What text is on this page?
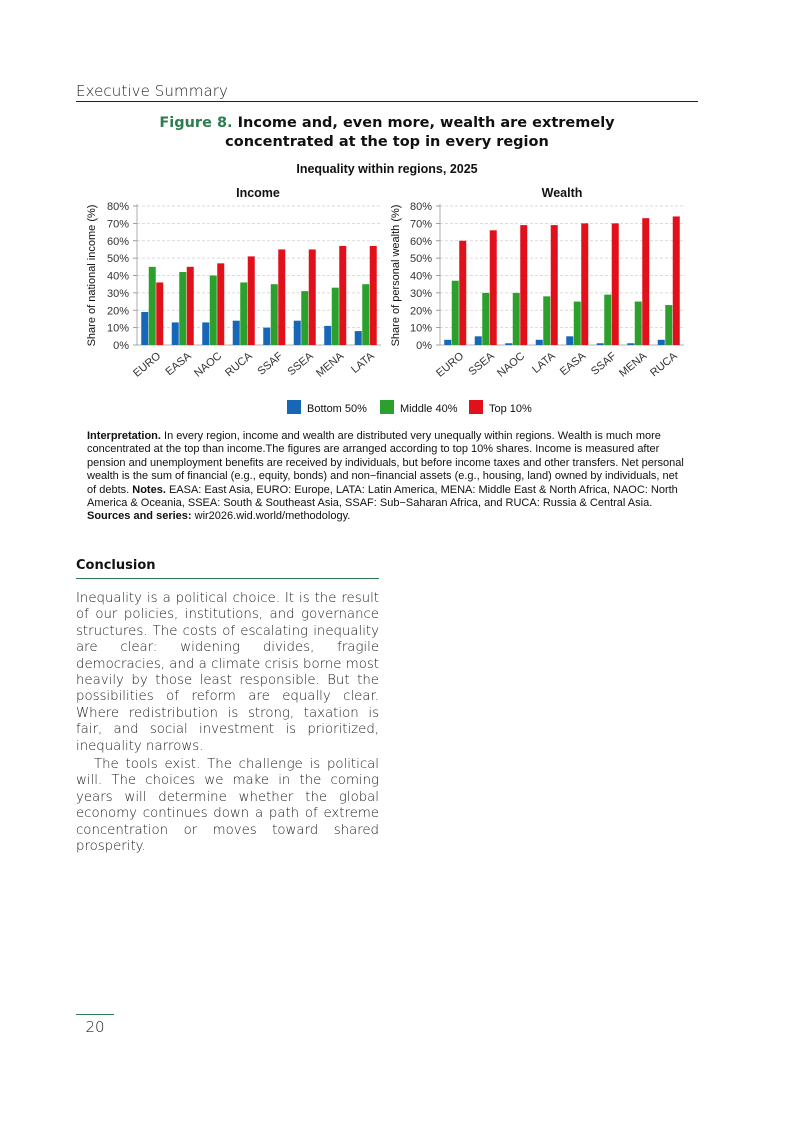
Executive Summary
Figure 8. Income and, even more, wealth are extremely
concentrated at the top in every region
Inequality within regions, 2025
Income
0%
10%
20%
30%
40%
50%
60%
70%
80%
Share of national income (%)
EURO EASA
NAOC
RUCA SSAF SSEA
MENA LATA
Wealth
0%
10%
20%
30%
40%
50%
60%
70%
80%
Share of personal wealth (%)
EURO SSEA
NAOC LATA EASA SSAF
MENA
RUCA
Bottom 50%	Middle 40%	Top 10%
Interpretation. In every region, income and wealth are distributed very unequally within regions. Wealth is much more concentrated at the top than income.The figures are arranged according to top 10% shares. Income is measured after pension and unemployment benefits are received by individuals, but before income taxes and other transfers. Net personal wealth is the sum of financial (e.g., equity, bonds) and non−financial assets (e.g., housing, land) owned by individuals, net of debts. Notes. EASA: East Asia, EURO: Europe, LATA: Latin America, MENA: Middle East & North Africa, NAOC: North America & Oceania, SSEA: South & Southeast Asia, SSAF: Sub−Saharan Africa, and RUCA: Russia & Central Asia. Sources and series: wir2026.wid.world/methodology.
Conclusion

Inequality is a political choice. It is the result of our policies, institutions, and governance structures. The costs of escalating inequality are clear: widening divides, fragile democracies, and a climate crisis borne most heavily by those least responsible. But the possibilities of reform are equally clear. Where redistribution is strong, taxation is fair, and social investment is prioritized, inequality narrows.

The tools exist. The challenge is political will. The choices we make in the coming years will determine whether the global economy continues down a path of extreme concentration or moves toward shared prosperity.

20
